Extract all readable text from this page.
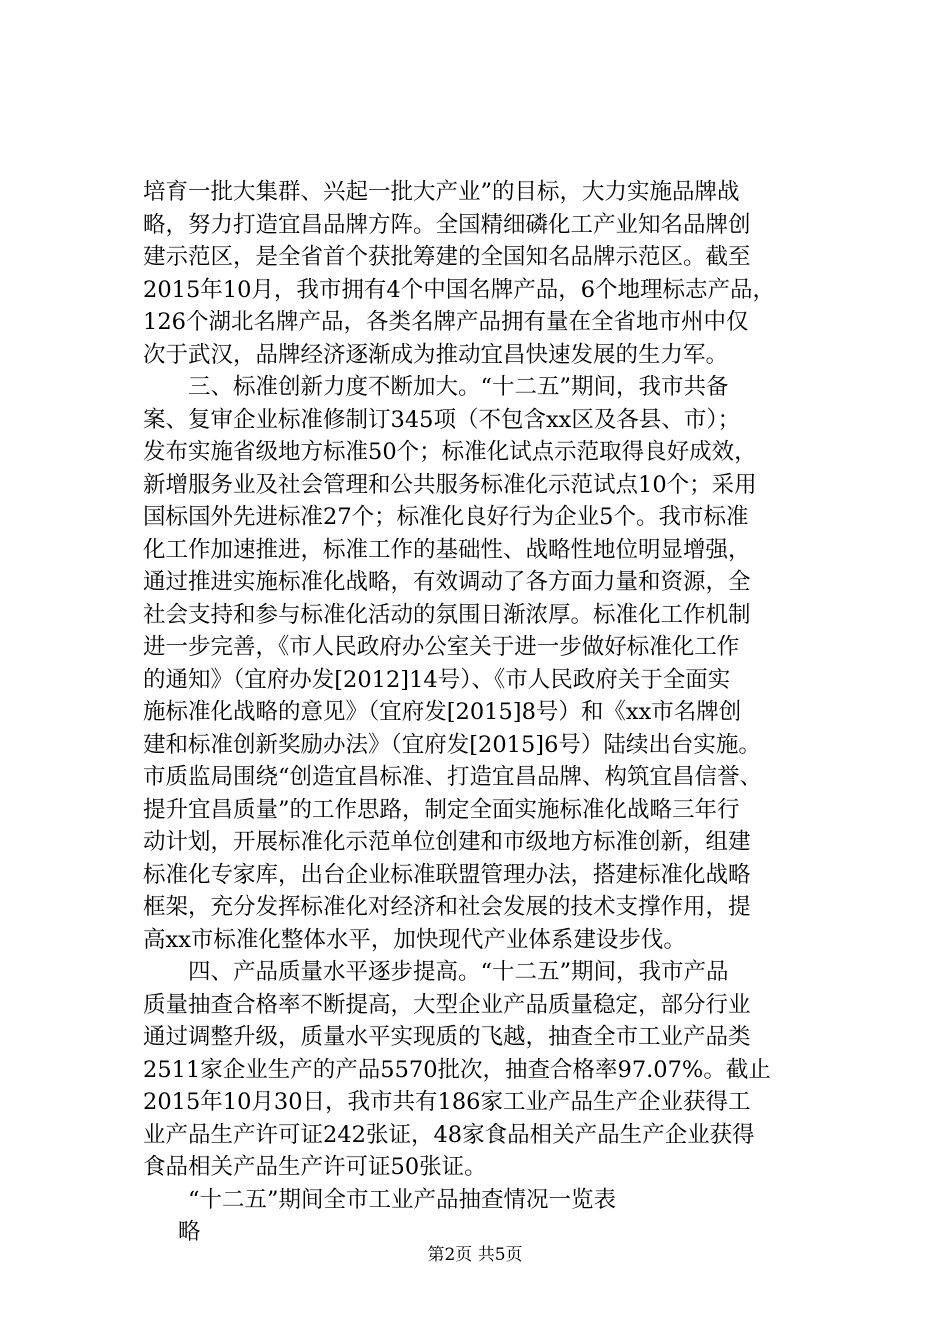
培育一批大集群、兴起一批大产业”的目标，大力实施品牌战
略，努力打造宜昌品牌方阵。全国精细磷化工产业知名品牌创
建示范区，是全省首个获批筹建的全国知名品牌示范区。截至
2015年10月，我市拥有4个中国名牌产品，6个地理标志产品，
126个湖北名牌产品，各类名牌产品拥有量在全省地市州中仅
次于武汉，品牌经济逐渐成为推动宜昌快速发展的生力军。
三、标准创新力度不断加大。“十二五”期间，我市共备
案、复审企业标准修制订345项（不包含xx区及各县、市）；
发布实施省级地方标准50个；标准化试点示范取得良好成效，
新增服务业及社会管理和公共服务标准化示范试点10个；采用
国标国外先进标准27个；标准化良好行为企业5个。我市标准
化工作加速推进，标准工作的基础性、战略性地位明显增强，
通过推进实施标准化战略，有效调动了各方面力量和资源，全
社会支持和参与标准化活动的氛围日渐浓厚。标准化工作机制
进一步完善，《市人民政府办公室关于进一步做好标准化工作
的通知》（宜府办发[2012]14号）、《市人民政府关于全面实
施标准化战略的意见》（宜府发[2015]8号）和《xx市名牌创
建和标准创新奖励办法》（宜府发[2015]6号）陆续出台实施。
市质监局围绕“创造宜昌标准、打造宜昌品牌、构筑宜昌信誉、
提升宜昌质量”的工作思路，制定全面实施标准化战略三年行
动计划，开展标准化示范单位创建和市级地方标准创新，组建
标准化专家库，出台企业标准联盟管理办法，搭建标准化战略
框架，充分发挥标准化对经济和社会发展的技术支撑作用，提
高xx市标准化整体水平，加快现代产业体系建设步伐。
四、产品质量水平逐步提高。“十二五”期间，我市产品
质量抽查合格率不断提高，大型企业产品质量稳定，部分行业
通过调整升级，质量水平实现质的飞越，抽查全市工业产品类
2511家企业生产的产品5570批次，抽查合格率97.07%。截止
2015年10月30日，我市共有186家工业产品生产企业获得工
业产品生产许可证242张证，48家食品相关产品生产企业获得
食品相关产品生产许可证50张证。
“十二五”期间全市工业产品抽查情况一览表
略
第2页 共5页
